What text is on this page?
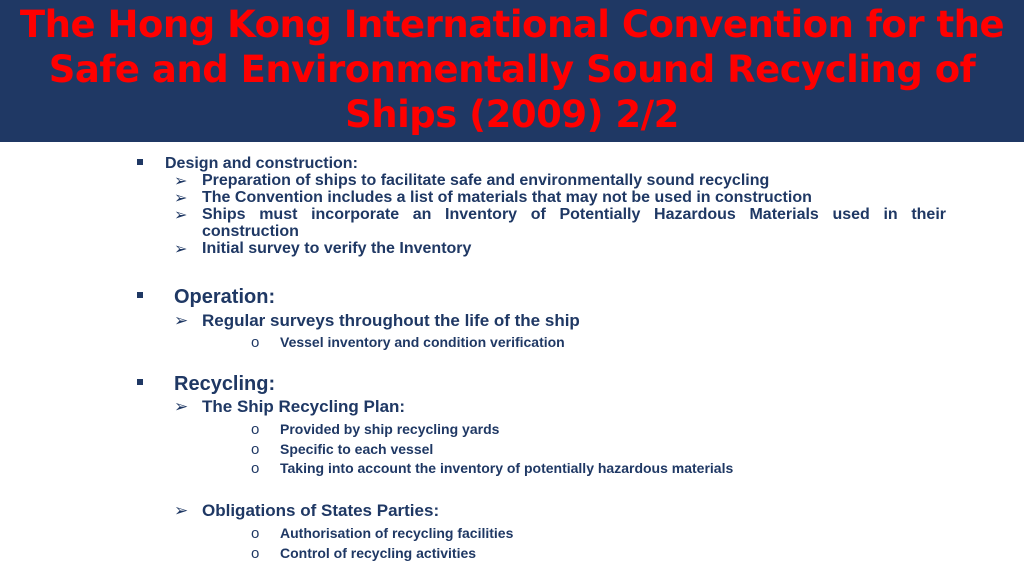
The Hong Kong International Convention for the
Safe and Environmentally Sound Recycling of
Ships (2009) 2/2
Design and construction:
➢ Preparation of ships to facilitate safe and environmentally sound recycling
➢ The Convention includes a list of materials that may not be used in construction
➢ Ships must incorporate an Inventory of Potentially Hazardous Materials used in their construction
➢ Initial survey to verify the Inventory
Operation:
➢ Regular surveys throughout the life of the ship
o Vessel inventory and condition verification
Recycling:
➢ The Ship Recycling Plan:
o Provided by ship recycling yards
o Specific to each vessel
o Taking into account the inventory of potentially hazardous materials
➢ Obligations of States Parties:
o Authorisation of recycling facilities
o Control of recycling activities
